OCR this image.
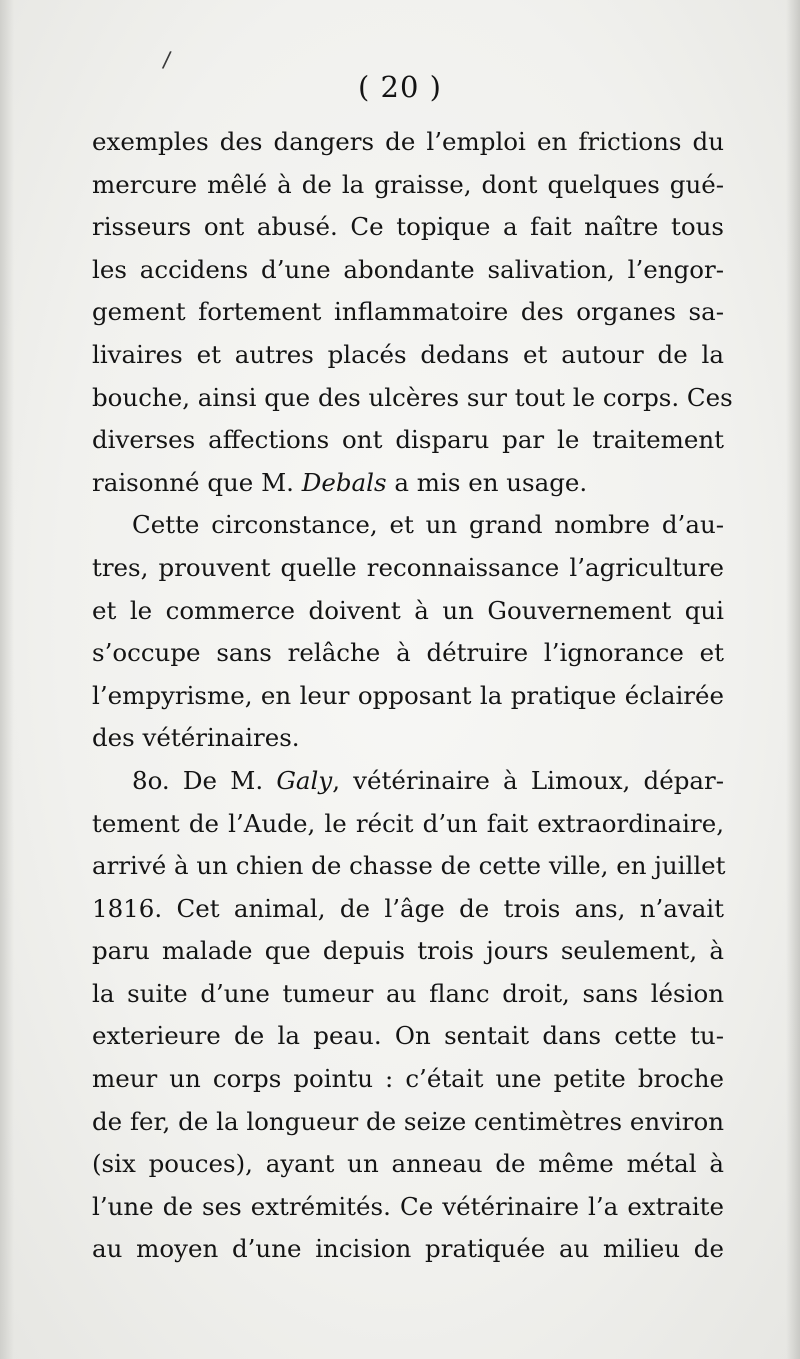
/
( 20 )
exemples des dangers de l’emploi en frictions du
mercure mêlé à de la graisse, dont quelques gué-
risseurs ont abusé. Ce topique a fait naître tous
les accidens d’une abondante salivation, l’engor-
gement fortement inflammatoire des organes sa-
livaires et autres placés dedans et autour de la
bouche, ainsi que des ulcères sur tout le corps. Ces
diverses affections ont disparu par le traitement
raisonné que M. Debals a mis en usage.
Cette circonstance, et un grand nombre d’au-
tres, prouvent quelle reconnaissance l’agriculture
et le commerce doivent à un Gouvernement qui
s’occupe sans relâche à détruire l’ignorance et
l’empyrisme, en leur opposant la pratique éclairée
des vétérinaires.
8o. De M. Galy, vétérinaire à Limoux, dépar-
tement de l’Aude, le récit d’un fait extraordinaire,
arrivé à un chien de chasse de cette ville, en juillet
1816. Cet animal, de l’âge de trois ans, n’avait
paru malade que depuis trois jours seulement, à
la suite d’une tumeur au flanc droit, sans lésion
exterieure de la peau. On sentait dans cette tu-
meur un corps pointu : c’était une petite broche
de fer, de la longueur de seize centimètres environ
(six pouces), ayant un anneau de même métal à
l’une de ses extrémités. Ce vétérinaire l’a extraite
au moyen d’une incision pratiquée au milieu de
